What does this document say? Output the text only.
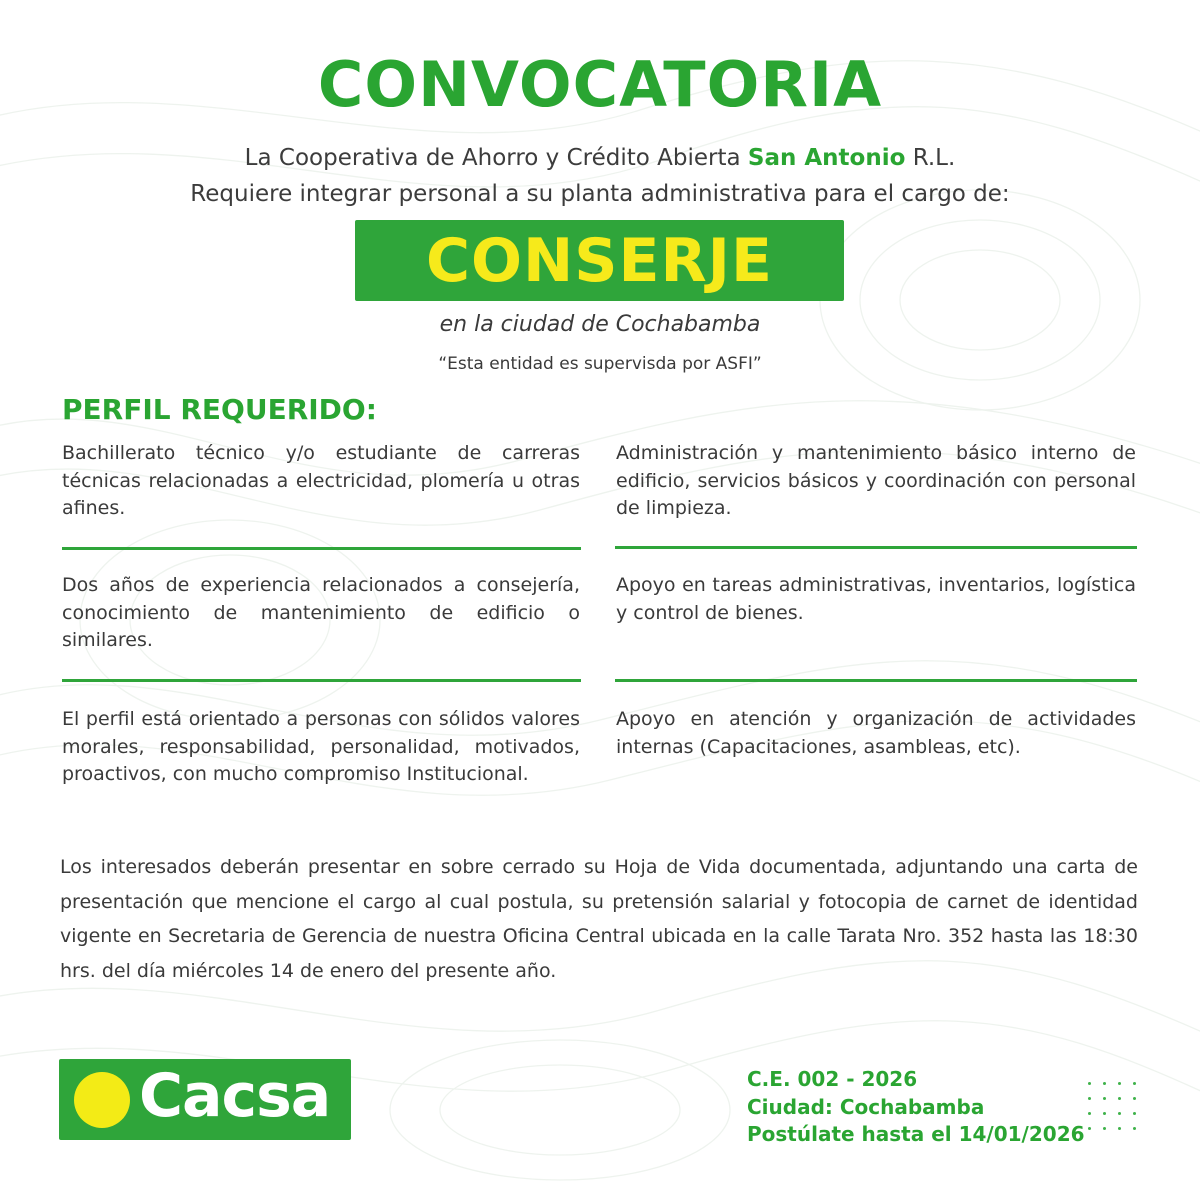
CONVOCATORIA
La Cooperativa de Ahorro y Crédito Abierta San Antonio R.L.
Requiere integrar personal a su planta administrativa para el cargo de:
CONSERJE
en la ciudad de Cochabamba
“Esta entidad es supervisda por ASFI”
PERFIL REQUERIDO:
Bachillerato técnico y/o estudiante de carreras técnicas relacionadas a electricidad, plomería u otras afines.
Dos años de experiencia relacionados a consejería, conocimiento de mantenimiento de edificio o similares.
El perfil está orientado a personas con sólidos valores morales, responsabilidad, personalidad, motivados, proactivos, con mucho compromiso Institucional.
Administración y mantenimiento básico interno de edificio, servicios básicos y coordinación con personal de limpieza.
Apoyo en tareas administrativas, inventarios, logística y control de bienes.
Apoyo en atención y organización de actividades internas (Capacitaciones, asambleas, etc).
Los interesados deberán presentar en sobre cerrado su Hoja de Vida documentada, adjuntando una carta de presentación que mencione el cargo al cual postula, su pretensión salarial y fotocopia de carnet de identidad vigente en Secretaria de Gerencia de nuestra Oficina Central ubicada en la calle Tarata Nro. 352 hasta las 18:30 hrs. del día miércoles 14 de enero del presente año.
Cacsa	C.E. 002 - 2026
Ciudad: Cochabamba
Postúlate hasta el 14/01/2026
